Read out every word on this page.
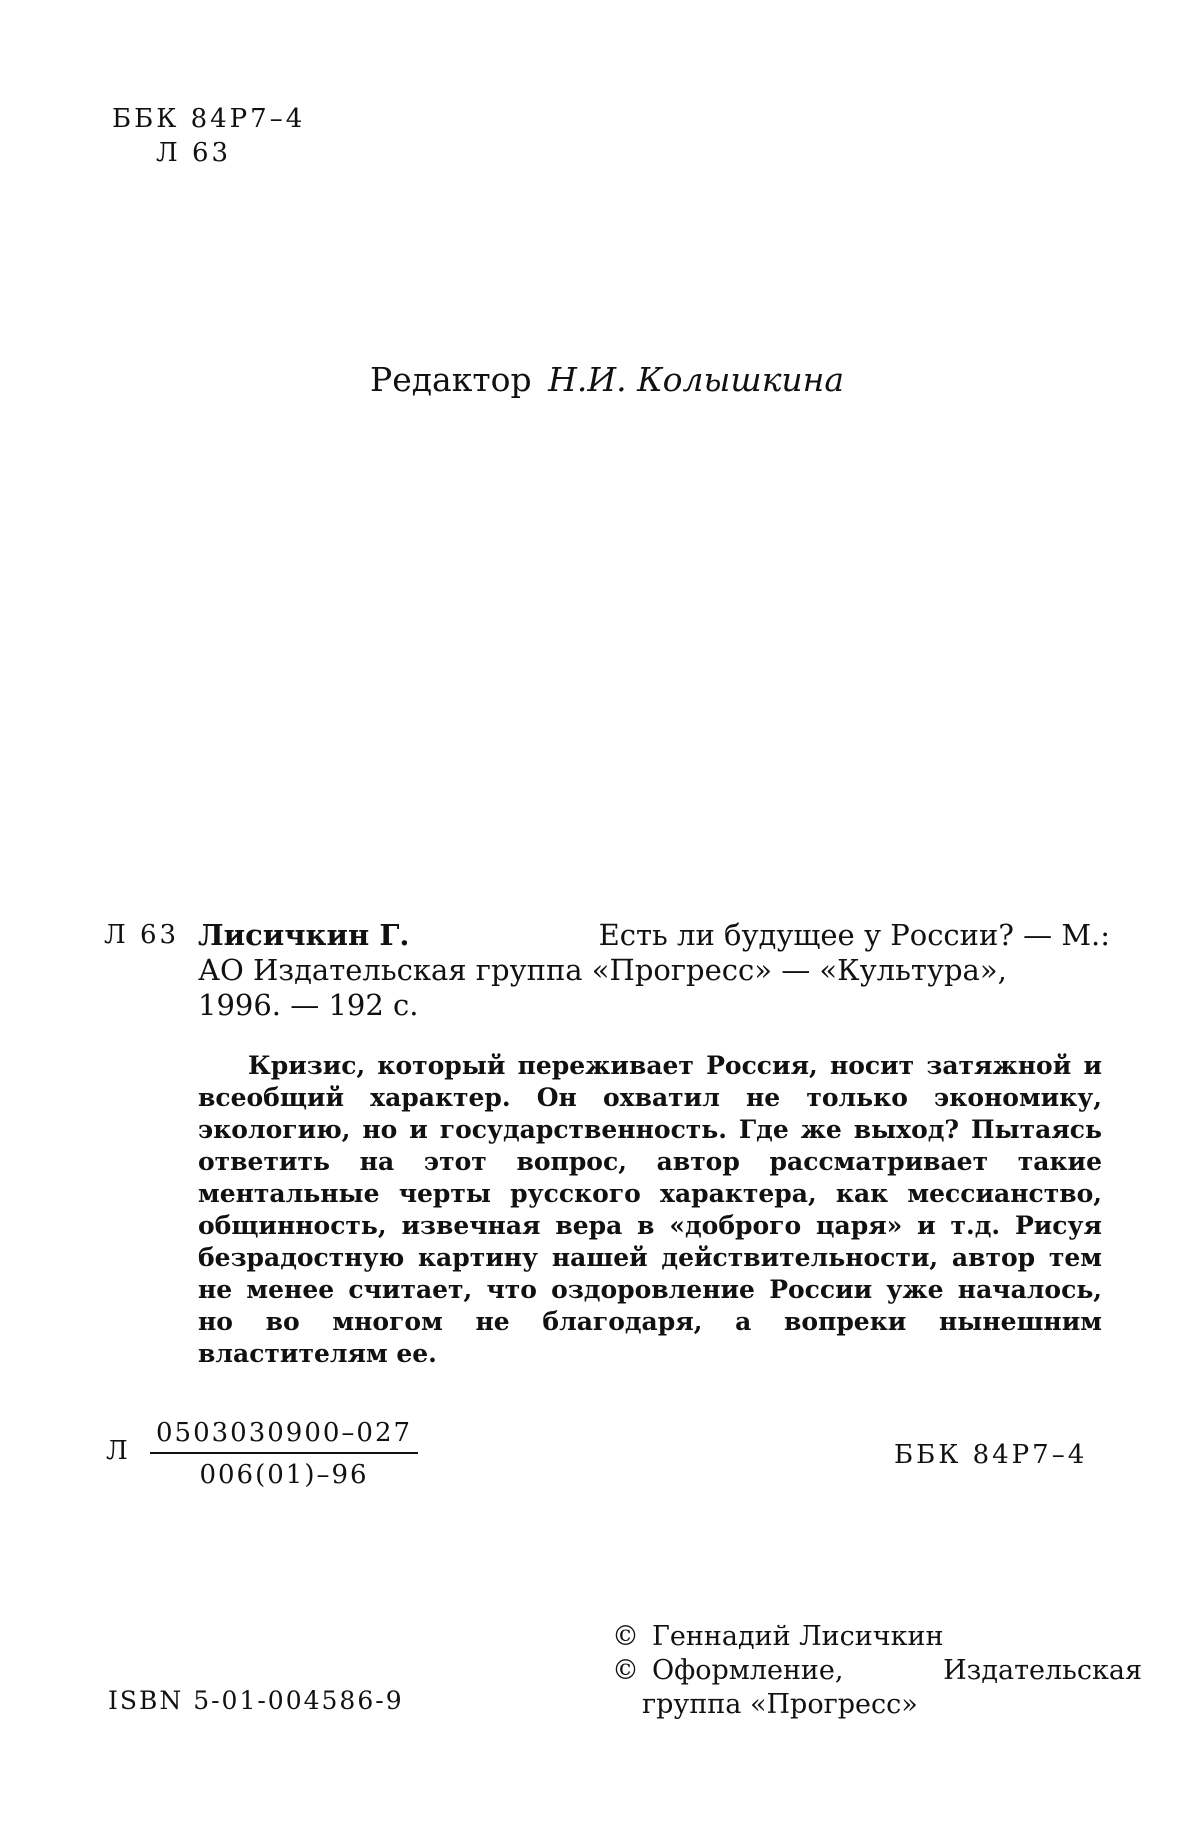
ББК 84Р7–4
Л 63
Редактор Н.И. Колышкина
Л 63 Лисичкин Г.	Есть ли будущее у России? — М.:
АО Издательская группа «Прогресс» — «Культура»,
1996. — 192 с.

Кризис, который переживает Россия, носит затяжной и всеобщий характер. Он охватил не только экономику, экологию, но и государственность. Где же выход? Пытаясь ответить на этот вопрос, автор рассматривает такие ментальные черты русского характера, как мессианство, общинность, извечная вера в «доброго царя» и т.д. Рисуя безрадостную картину нашей действительности, автор тем не менее считает, что оздоровление России уже началось, но во многом не благодаря, а вопреки нынешним властителям ее.

Л $\frac{0503030900-027}{006(01)-96}$	ББК 84Р7–4
© Геннадий Лисичкин
© Оформление,	Издательская
группа «Прогресс»
ISBN 5-01-004586-9
